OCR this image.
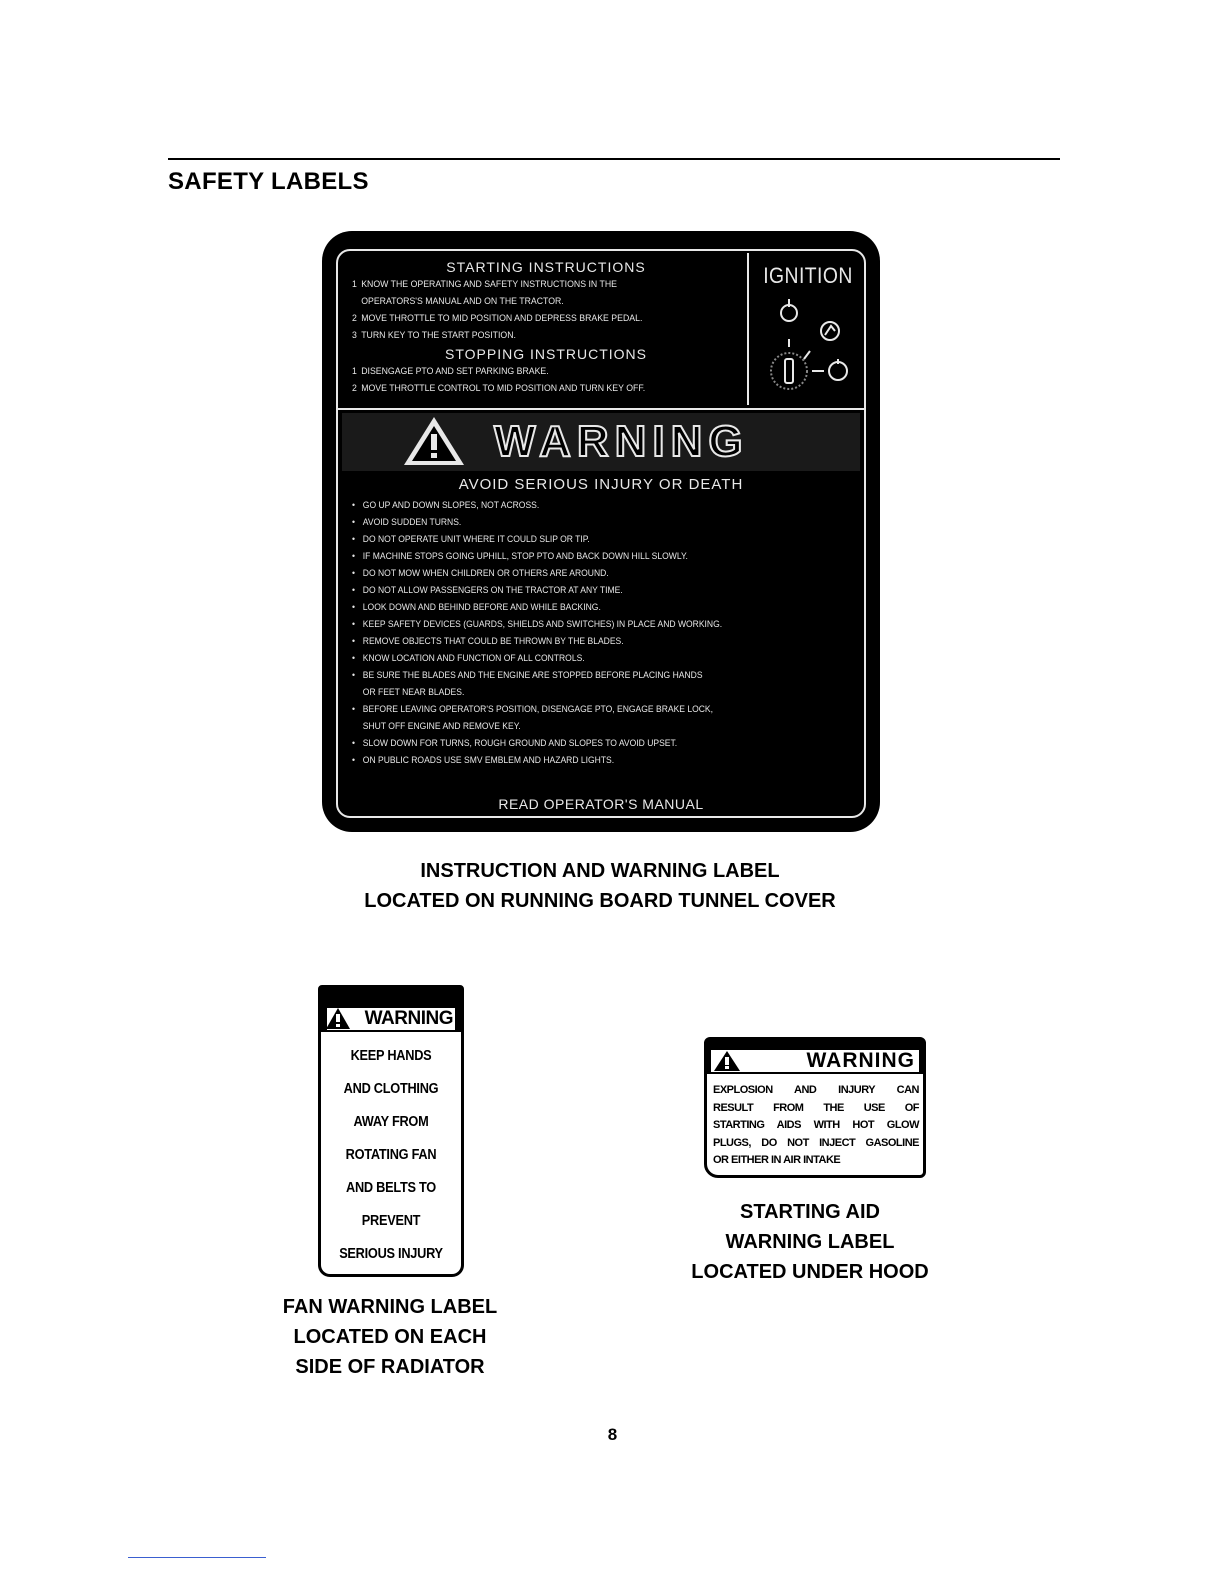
SAFETY LABELS
STARTING INSTRUCTIONS
1 KNOW THE OPERATING AND SAFETY INSTRUCTIONS IN THE
OPERATORS'S MANUAL AND ON THE TRACTOR.
2 MOVE THROTTLE TO MID POSITION AND DEPRESS BRAKE PEDAL.
3 TURN KEY TO THE START POSITION.
STOPPING INSTRUCTIONS
1 DISENGAGE PTO AND SET PARKING BRAKE.
2 MOVE THROTTLE CONTROL TO MID POSITION AND TURN KEY OFF.
IGNITION
WARNING
AVOID SERIOUS INJURY OR DEATH
• GO UP AND DOWN SLOPES, NOT ACROSS.
• AVOID SUDDEN TURNS.
• DO NOT OPERATE UNIT WHERE IT COULD SLIP OR TIP.
• IF MACHINE STOPS GOING UPHILL, STOP PTO AND BACK DOWN HILL SLOWLY.
• DO NOT MOW WHEN CHILDREN OR OTHERS ARE AROUND.
• DO NOT ALLOW PASSENGERS ON THE TRACTOR AT ANY TIME.
• LOOK DOWN AND BEHIND BEFORE AND WHILE BACKING.
• KEEP SAFETY DEVICES (GUARDS, SHIELDS AND SWITCHES) IN PLACE AND WORKING.
• REMOVE OBJECTS THAT COULD BE THROWN BY THE BLADES.
• KNOW LOCATION AND FUNCTION OF ALL CONTROLS.
• BE SURE THE BLADES AND THE ENGINE ARE STOPPED BEFORE PLACING HANDS
OR FEET NEAR BLADES.
• BEFORE LEAVING OPERATOR'S POSITION, DISENGAGE PTO, ENGAGE BRAKE LOCK,
SHUT OFF ENGINE AND REMOVE KEY.
• SLOW DOWN FOR TURNS, ROUGH GROUND AND SLOPES TO AVOID UPSET.
• ON PUBLIC ROADS USE SMV EMBLEM AND HAZARD LIGHTS.
READ OPERATOR'S MANUAL
INSTRUCTION AND WARNING LABEL
LOCATED ON RUNNING BOARD TUNNEL COVER
WARNING
KEEP HANDS
AND CLOTHING
AWAY FROM
ROTATING FAN
AND BELTS TO
PREVENT
SERIOUS INJURY
FAN WARNING LABEL
LOCATED ON EACH
SIDE OF RADIATOR
WARNING
EXPLOSION AND INJURY CAN
RESULT FROM THE USE OF
STARTING AIDS WITH HOT GLOW
PLUGS, DO NOT INJECT GASOLINE
OR EITHER IN AIR INTAKE
STARTING AID
WARNING LABEL
LOCATED UNDER HOOD
8
